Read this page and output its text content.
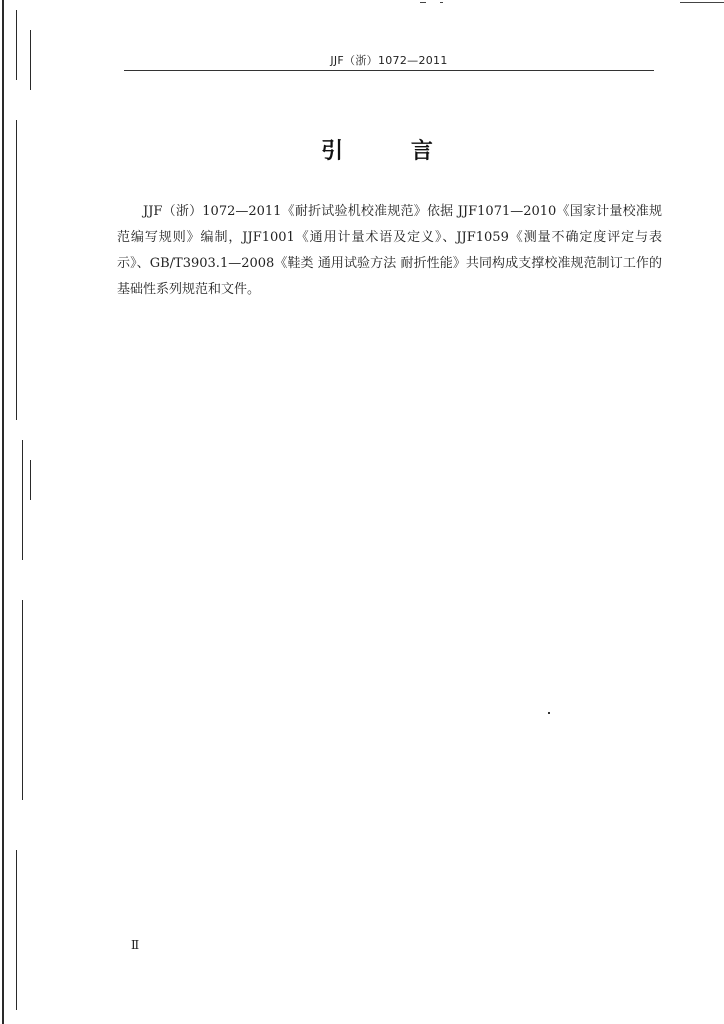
JJF（浙）1072—2011
引 言

JJF（浙）1072—2011《耐折试验机校准规范》依据 JJF1071—2010《国家计量校准规范编写规则》编制，JJF1001《通用计量术语及定义》、JJF1059《测量不确定度评定与表示》、GB/T3903.1—2008《鞋类 通用试验方法 耐折性能》共同构成支撑校准规范制订工作的基础性系列规范和文件。

Ⅱ
